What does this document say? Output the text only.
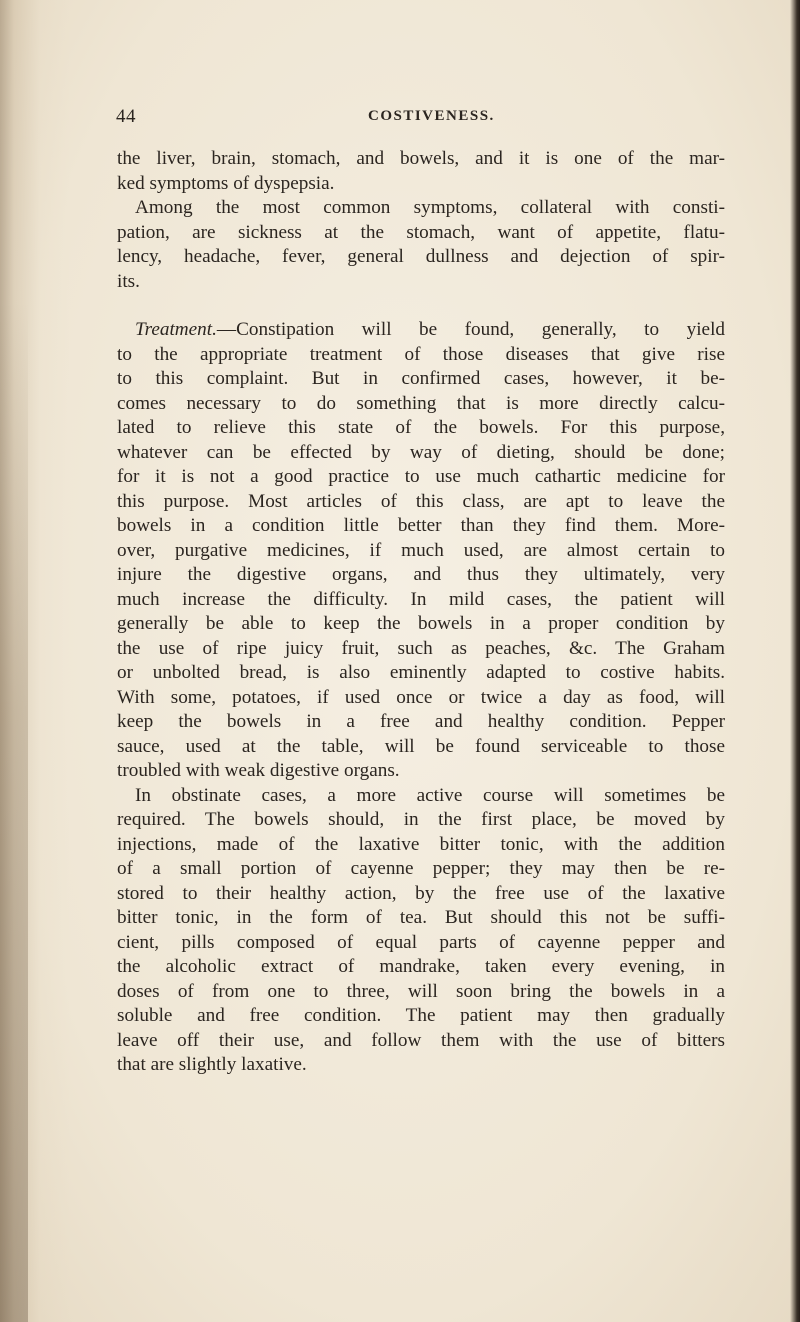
44	COSTIVENESS.
the liver, brain, stomach, and bowels, and it is one of the mar-
ked symptoms of dyspepsia.
Among the most common symptoms, collateral with consti-
pation, are sickness at the stomach, want of appetite, flatu-
lency, headache, fever, general dullness and dejection of spir-
its.
Treatment.—Constipation will be found, generally, to yield
to the appropriate treatment of those diseases that give rise
to this complaint. But in confirmed cases, however, it be-
comes necessary to do something that is more directly calcu-
lated to relieve this state of the bowels. For this purpose,
whatever can be effected by way of dieting, should be done;
for it is not a good practice to use much cathartic medicine for
this purpose. Most articles of this class, are apt to leave the
bowels in a condition little better than they find them. More-
over, purgative medicines, if much used, are almost certain to
injure the digestive organs, and thus they ultimately, very
much increase the difficulty. In mild cases, the patient will
generally be able to keep the bowels in a proper condition by
the use of ripe juicy fruit, such as peaches, &c. The Graham
or unbolted bread, is also eminently adapted to costive habits.
With some, potatoes, if used once or twice a day as food, will
keep the bowels in a free and healthy condition. Pepper
sauce, used at the table, will be found serviceable to those
troubled with weak digestive organs.
In obstinate cases, a more active course will sometimes be
required. The bowels should, in the first place, be moved by
injections, made of the laxative bitter tonic, with the addition
of a small portion of cayenne pepper; they may then be re-
stored to their healthy action, by the free use of the laxative
bitter tonic, in the form of tea. But should this not be suffi-
cient, pills composed of equal parts of cayenne pepper and
the alcoholic extract of mandrake, taken every evening, in
doses of from one to three, will soon bring the bowels in a
soluble and free condition. The patient may then gradually
leave off their use, and follow them with the use of bitters
that are slightly laxative.
